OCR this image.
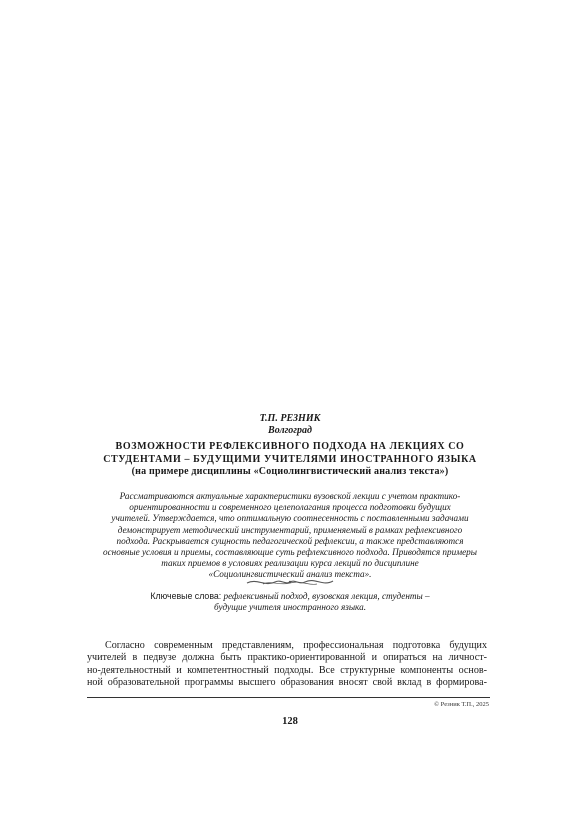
Т.П. РЕЗНИК
Волгоград
ВОЗМОЖНОСТИ РЕФЛЕКСИВНОГО ПОДХОДА НА ЛЕКЦИЯХ СО
СТУДЕНТАМИ – БУДУЩИМИ УЧИТЕЛЯМИ ИНОСТРАННОГО ЯЗЫКА
(на примере дисциплины «Социолингвистический анализ текста»)
Рассматриваются актуальные характеристики вузовской лекции с учетом практико-
ориентированности и современного целеполагания процесса подготовки будущих
учителей. Утверждается, что оптимальную соотнесенность с поставленными задачами
демонстрирует методический инструментарий, применяемый в рамках рефлексивного
подхода. Раскрывается сущность педагогической рефлексии, а также представляются
основные условия и приемы, составляющие суть рефлексивного подхода. Приводятся примеры
таких приемов в условиях реализации курса лекций по дисциплине
«Социолингвистический анализ текста».
Ключевые слова: рефлексивный подход, вузовская лекция, студенты –
будущие учителя иностранного языка.
Согласно современным представлениям, профессиональная подготовка будущих
учителей в педвузе должна быть практико-ориентированной и опираться на личност-
но-деятельностный и компетентностный подходы. Все структурные компоненты основ-
ной образовательной программы высшего образования вносят свой вклад в формирова-
© Резник Т.П., 2025
128
